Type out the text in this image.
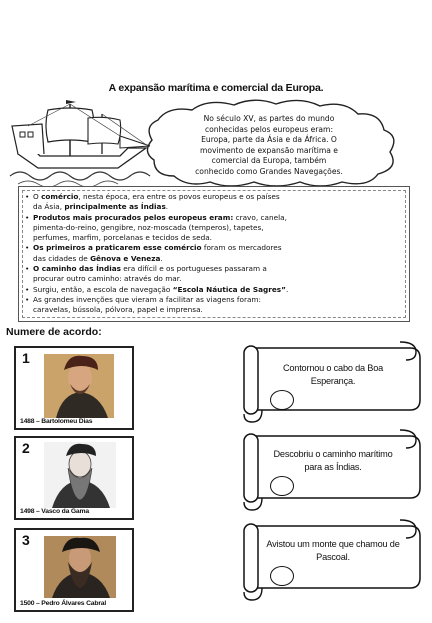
A expansão marítima e comercial da Europa.
No século XV, as partes do mundo
conhecidas pelos europeus eram:
Europa, parte da Ásia e da África. O
movimento de expansão marítima e
comercial da Europa, também
conhecido como Grandes Navegações.
• O comércio, nesta época, era entre os povos europeus e os países
da Ásia, principalmente as Índias.
• Produtos mais procurados pelos europeus eram: cravo, canela,
pimenta-do-reino, gengibre, noz-moscada (temperos), tapetes,
perfumes, marfim, porcelanas e tecidos de seda.
• Os primeiros a praticarem esse comércio foram os mercadores
das cidades de Gênova e Veneza.
• O caminho das Índias era difícil e os portugueses passaram a
procurar outro caminho: através do mar.
• Surgiu, então, a escola de navegação “Escola Náutica de Sagres”.
• As grandes invenções que vieram a facilitar as viagens foram:
caravelas, bússola, pólvora, papel e imprensa.
Numere de acordo:
1
1488 – Bartolomeu Dias
2
1498 – Vasco da Gama
3
1500 – Pedro Álvares Cabral
Contornou o cabo da Boa Esperança.
Descobriu o caminho marítimo para as Índias.
Avistou um monte que chamou de Pascoal.
